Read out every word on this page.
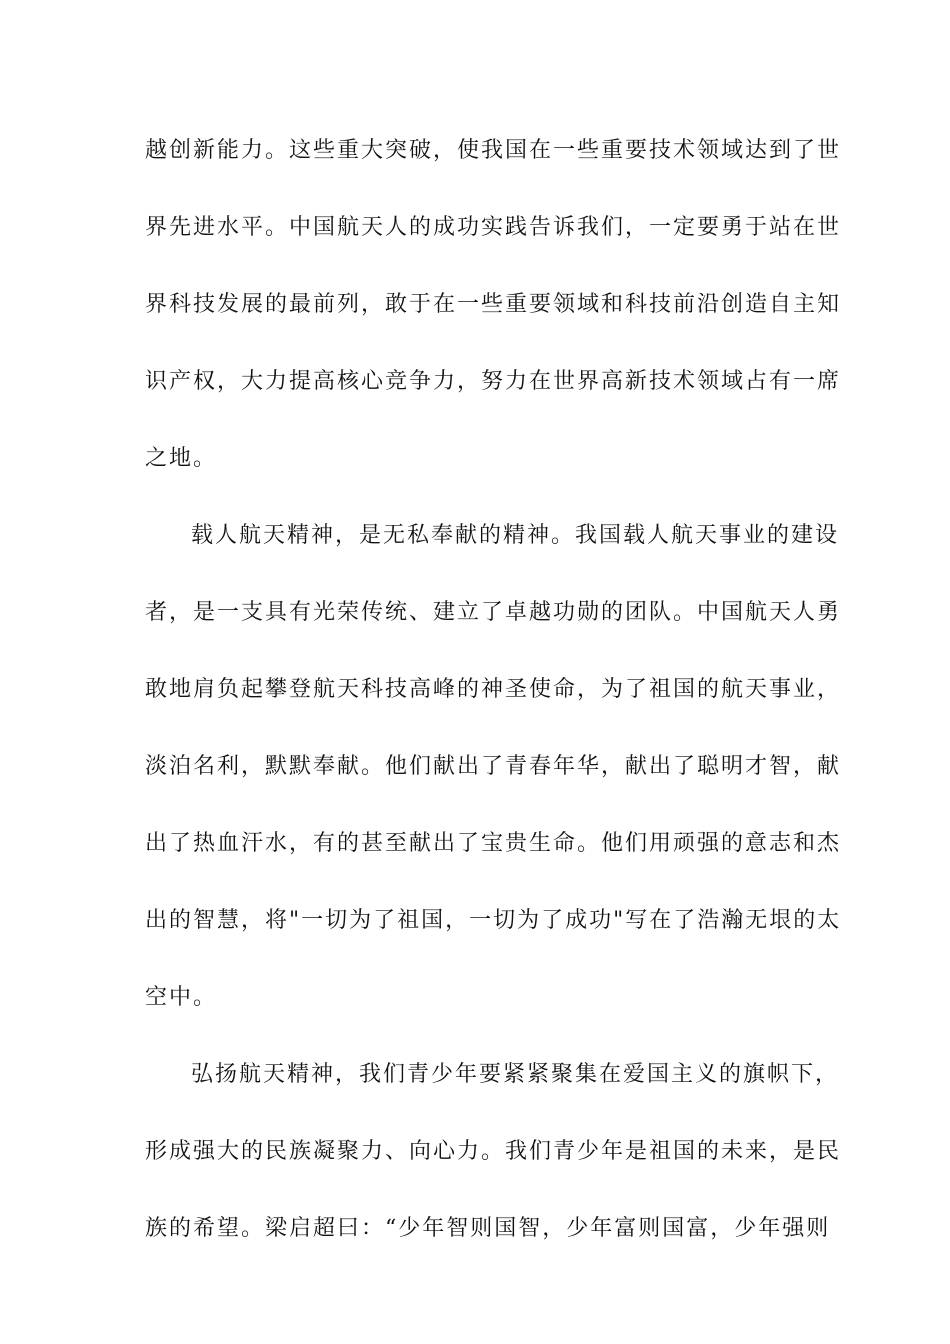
越创新能力。这些重大突破，使我国在一些重要技术领域达到了世

界先进水平。中国航天人的成功实践告诉我们，一定要勇于站在世

界科技发展的最前列，敢于在一些重要领域和科技前沿创造自主知

识产权，大力提高核心竞争力，努力在世界高新技术领域占有一席

之地。

载人航天精神，是无私奉献的精神。我国载人航天事业的建设

者，是一支具有光荣传统、建立了卓越功勋的团队。中国航天人勇

敢地肩负起攀登航天科技高峰的神圣使命，为了祖国的航天事业，

淡泊名利，默默奉献。他们献出了青春年华，献出了聪明才智，献

出了热血汗水，有的甚至献出了宝贵生命。他们用顽强的意志和杰

出的智慧，将"一切为了祖国，一切为了成功"写在了浩瀚无垠的太

空中。

弘扬航天精神，我们青少年要紧紧聚集在爱国主义的旗帜下，

形成强大的民族凝聚力、向心力。我们青少年是祖国的未来，是民

族的希望。梁启超曰：“少年智则国智，少年富则国富，少年强则
